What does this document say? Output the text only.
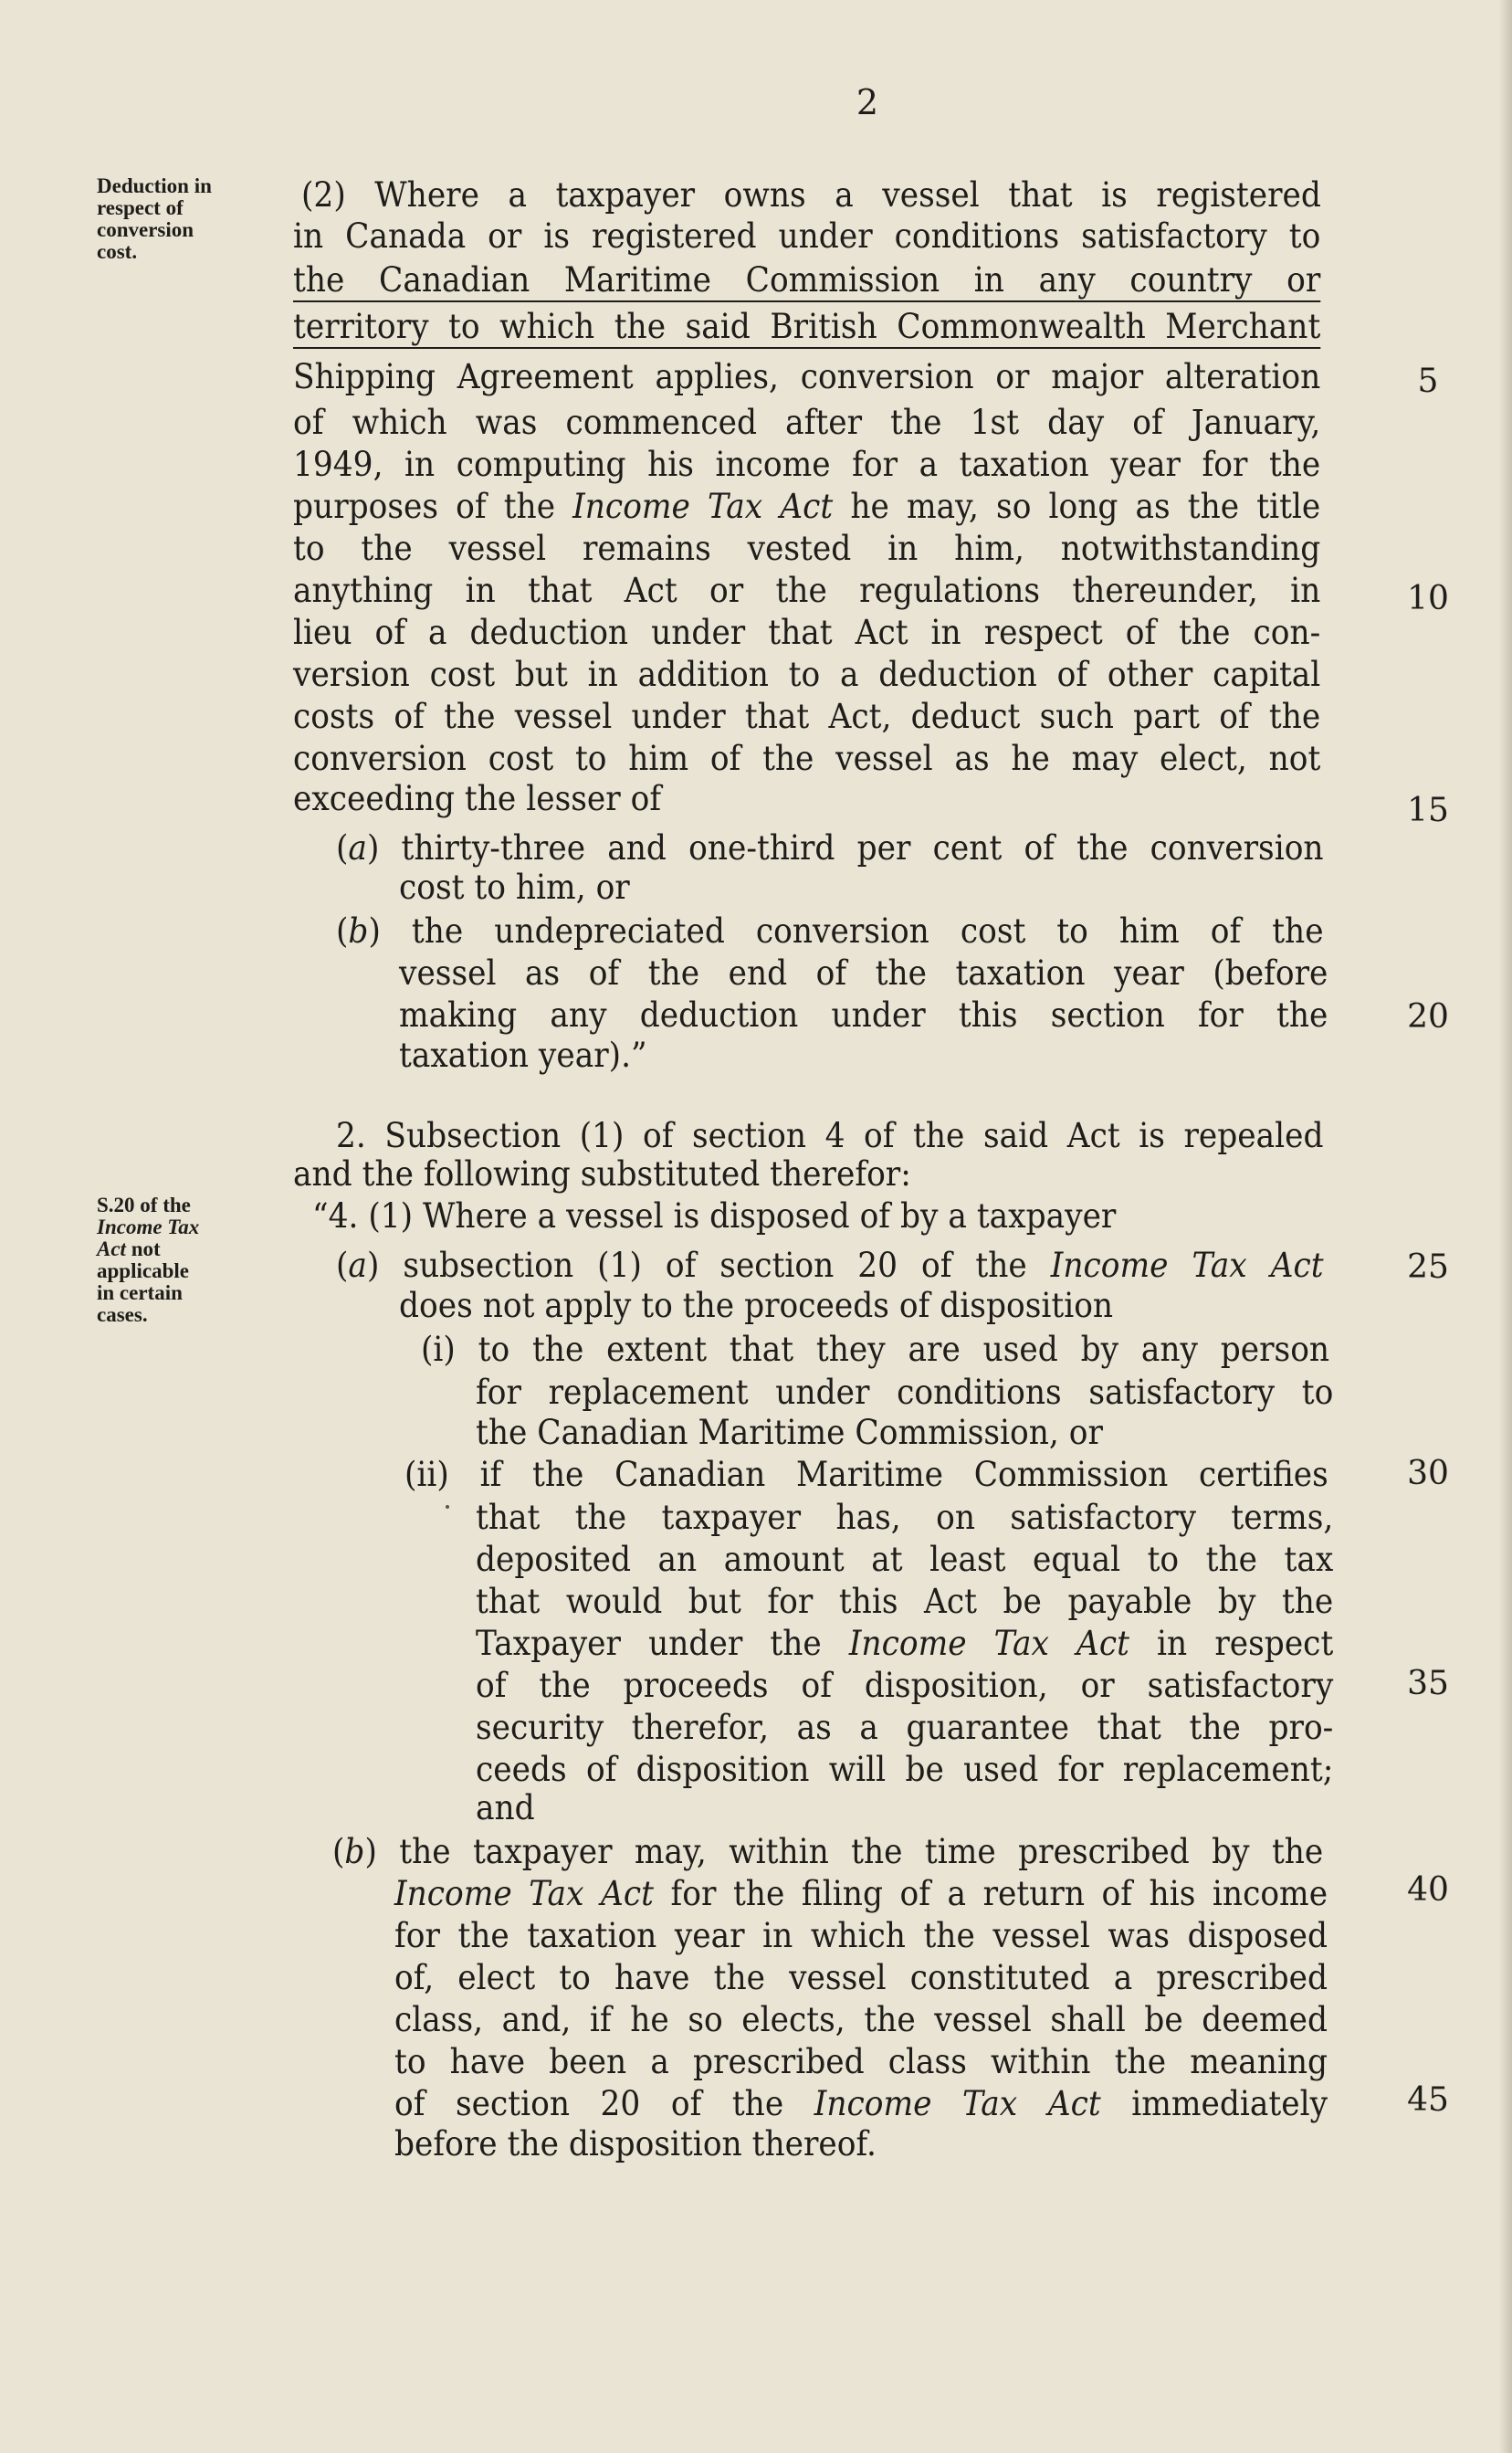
2
Deduction in
respect of
conversion
cost.
S.20 of the
Income Tax
Act not
applicable
in certain
cases.
(2) Where a taxpayer owns a vessel that is registered
in Canada or is registered under conditions satisfactory to
the Canadian Maritime Commission in any country or
territory to which the said British Commonwealth Merchant
Shipping Agreement applies, conversion or major alteration
of which was commenced after the 1st day of January,
1949, in computing his income for a taxation year for the
purposes of the Income Tax Act he may, so long as the title
to the vessel remains vested in him, notwithstanding
anything in that Act or the regulations thereunder, in
lieu of a deduction under that Act in respect of the con-
version cost but in addition to a deduction of other capital
costs of the vessel under that Act, deduct such part of the
conversion cost to him of the vessel as he may elect, not
exceeding the lesser of
(a) thirty-three and one-third per cent of the conversion
cost to him, or
(b) the undepreciated conversion cost to him of the
vessel as of the end of the taxation year (before
making any deduction under this section for the
taxation year).”
2. Subsection (1) of section 4 of the said Act is repealed
and the following substituted therefor:
“4. (1) Where a vessel is disposed of by a taxpayer
(a) subsection (1) of section 20 of the Income Tax Act
does not apply to the proceeds of disposition
(i) to the extent that they are used by any person
for replacement under conditions satisfactory to
the Canadian Maritime Commission, or
(ii) if the Canadian Maritime Commission certifies
that the taxpayer has, on satisfactory terms,
deposited an amount at least equal to the tax
that would but for this Act be payable by the
Taxpayer under the Income Tax Act in respect
of the proceeds of disposition, or satisfactory
security therefor, as a guarantee that the pro-
ceeds of disposition will be used for replacement;
and
(b) the taxpayer may, within the time prescribed by the
Income Tax Act for the filing of a return of his income
for the taxation year in which the vessel was disposed
of, elect to have the vessel constituted a prescribed
class, and, if he so elects, the vessel shall be deemed
to have been a prescribed class within the meaning
of section 20 of the Income Tax Act immediately
before the disposition thereof.
5
10
15
20
25
30
35
40
45
